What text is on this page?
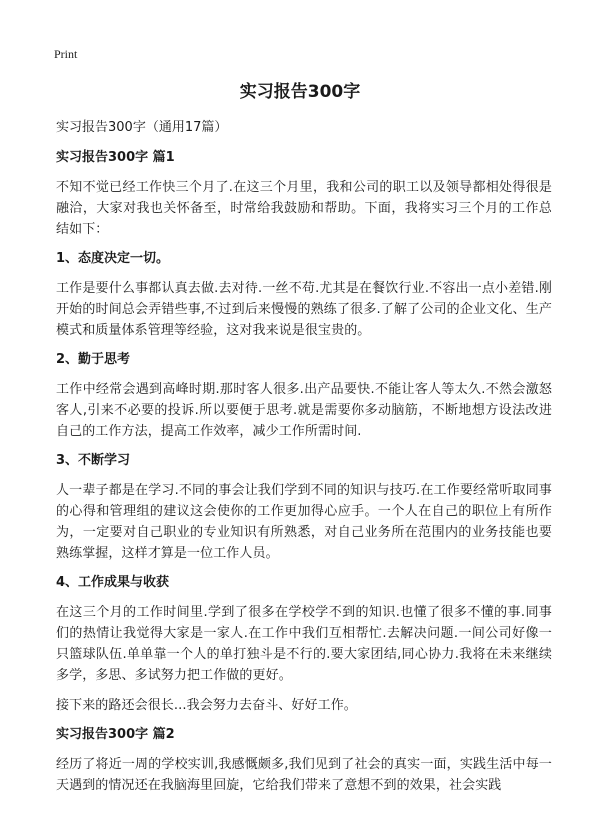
Print
实习报告300字

实习报告300字（通用17篇）

实习报告300字 篇1

不知不觉已经工作快三个月了.在这三个月里，我和公司的职工以及领导都相处得很是融洽，大家对我也关怀备至，时常给我鼓励和帮助。下面，我将实习三个月的工作总结如下：

1、态度决定一切。

工作是要什么事都认真去做.去对待.一丝不苟.尤其是在餐饮行业.不容出一点小差错.刚开始的时间总会弄错些事,不过到后来慢慢的熟练了很多.了解了公司的企业文化、生产模式和质量体系管理等经验，这对我来说是很宝贵的。

2、勤于思考

工作中经常会遇到高峰时期.那时客人很多.出产品要快.不能让客人等太久.不然会激怒客人,引来不必要的投诉.所以要便于思考.就是需要你多动脑筋，不断地想方设法改进自己的工作方法，提高工作效率，减少工作所需时间.

3、不断学习

人一辈子都是在学习.不同的事会让我们学到不同的知识与技巧.在工作要经常听取同事的心得和管理组的建议这会使你的工作更加得心应手。一个人在自己的职位上有所作为，一定要对自己职业的专业知识有所熟悉，对自己业务所在范围内的业务技能也要熟练掌握，这样才算是一位工作人员。

4、工作成果与收获

在这三个月的工作时间里.学到了很多在学校学不到的知识.也懂了很多不懂的事.同事们的热情让我觉得大家是一家人.在工作中我们互相帮忙.去解决问题.一间公司好像一只篮球队伍.单单靠一个人的单打独斗是不行的.要大家团结,同心协力.我将在未来继续多学，多思、多试努力把工作做的更好。

接下来的路还会很长...我会努力去奋斗、好好工作。

实习报告300字 篇2

经历了将近一周的学校实训,我感慨颇多,我们见到了社会的真实一面，实践生活中每一天遇到的情况还在我脑海里回旋，它给我们带来了意想不到的效果，社会实践
